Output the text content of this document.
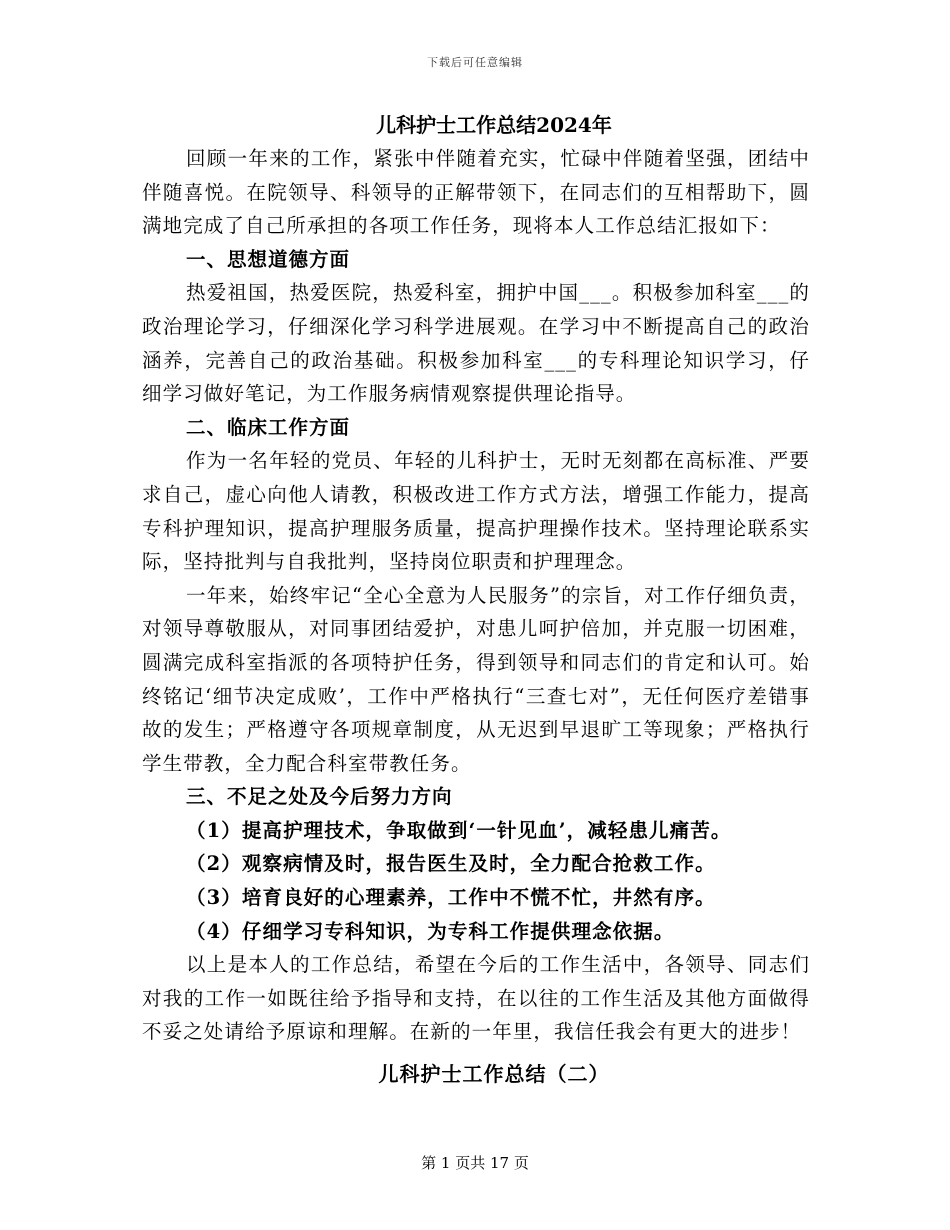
下载后可任意编辑
儿科护士工作总结2024年

回顾一年来的工作，紧张中伴随着充实，忙碌中伴随着坚强，团结中伴随喜悦。在院领导、科领导的正解带领下，在同志们的互相帮助下，圆满地完成了自己所承担的各项工作任务，现将本人工作总结汇报如下：

一、思想道德方面

热爱祖国，热爱医院，热爱科室，拥护中国___。积极参加科室___的政治理论学习，仔细深化学习科学进展观。在学习中不断提高自己的政治涵养，完善自己的政治基础。积极参加科室___的专科理论知识学习，仔细学习做好笔记，为工作服务病情观察提供理论指导。

二、临床工作方面

作为一名年轻的党员、年轻的儿科护士，无时无刻都在高标准、严要求自己，虚心向他人请教，积极改进工作方式方法，增强工作能力，提高专科护理知识，提高护理服务质量，提高护理操作技术。坚持理论联系实际，坚持批判与自我批判，坚持岗位职责和护理理念。

一年来，始终牢记“全心全意为人民服务”的宗旨，对工作仔细负责，对领导尊敬服从，对同事团结爱护，对患儿呵护倍加，并克服一切困难，圆满完成科室指派的各项特护任务，得到领导和同志们的肯定和认可。始终铭记‘细节决定成败’，工作中严格执行“三查七对”，无任何医疗差错事故的发生；严格遵守各项规章制度，从无迟到早退旷工等现象；严格执行学生带教，全力配合科室带教任务。

三、不足之处及今后努力方向
（1）提高护理技术，争取做到‘一针见血’，减轻患儿痛苦。
（2）观察病情及时，报告医生及时，全力配合抢救工作。
（3）培育良好的心理素养，工作中不慌不忙，井然有序。
（4）仔细学习专科知识，为专科工作提供理念依据。

以上是本人的工作总结，希望在今后的工作生活中，各领导、同志们对我的工作一如既往给予指导和支持，在以往的工作生活及其他方面做得不妥之处请给予原谅和理解。在新的一年里，我信任我会有更大的进步！

儿科护士工作总结（二）
第 1 页共 17 页
